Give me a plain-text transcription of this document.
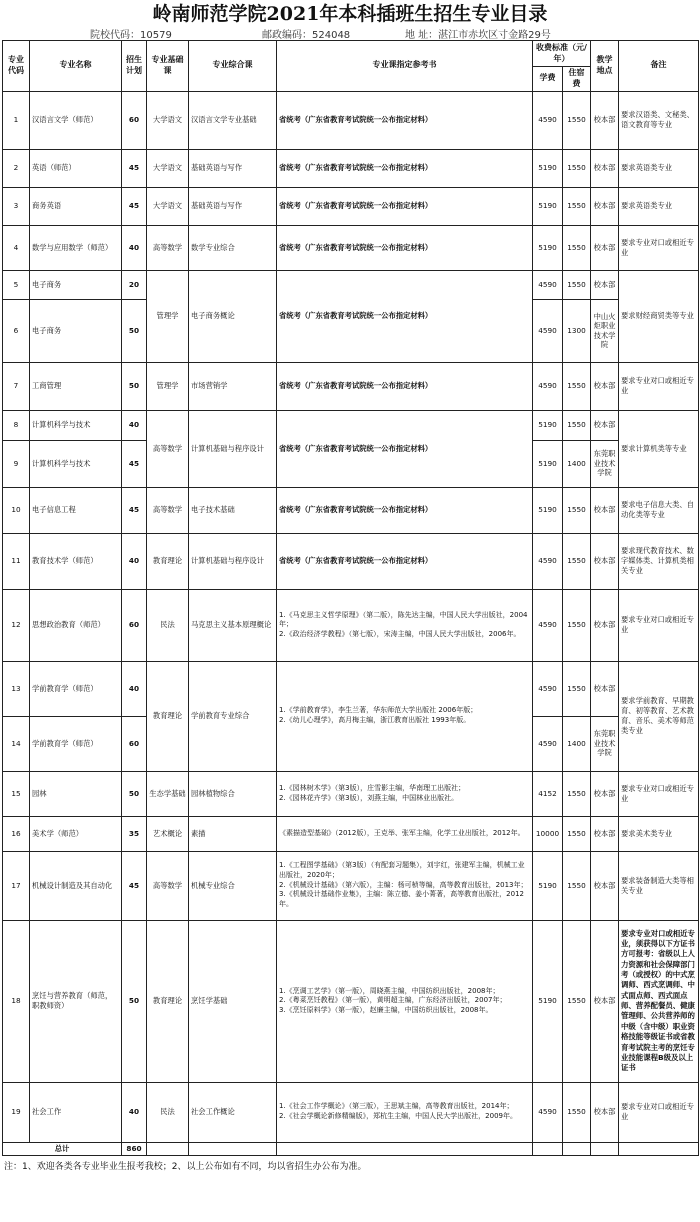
岭南师范学院2021年本科插班生招生专业目录
院校代码：10579	邮政编码：524048	地 址：湛江市赤坎区寸金路29号
专业代码	专业名称	招生计划	专业基础课	专业综合课	专业课指定参考书	收费标准（元/年）		教学地点	备注
						学费	住宿费		
1	汉语言文学（师范）	60	大学语文	汉语言文学专业基础	省统考（广东省教育考试院统一公布指定材料）	4590	1550	校本部	要求汉语类、文秘类、语文教育等专业
2	英语（师范）	45	大学语文	基础英语与写作	省统考（广东省教育考试院统一公布指定材料）	5190	1550	校本部	要求英语类专业
3	商务英语	45	大学语文	基础英语与写作	省统考（广东省教育考试院统一公布指定材料）	5190	1550	校本部	要求英语类专业
4	数学与应用数学（师范）	40	高等数学	数学专业综合	省统考（广东省教育考试院统一公布指定材料）	5190	1550	校本部	要求专业对口或相近专业
5	电子商务	20	管理学	电子商务概论	省统考（广东省教育考试院统一公布指定材料）	4590	1550	校本部	要求财经商贸类等专业
6	电子商务	50				4590	1300	中山火炬职业技术学院	
7	工商管理	50	管理学	市场营销学	省统考（广东省教育考试院统一公布指定材料）	4590	1550	校本部	要求专业对口或相近专业
8	计算机科学与技术	40	高等数学	计算机基础与程序设计	省统考（广东省教育考试院统一公布指定材料）	5190	1550	校本部	要求计算机类等专业
9	计算机科学与技术	45				5190	1400	东莞职业技术学院	
10	电子信息工程	45	高等数学	电子技术基础	省统考（广东省教育考试院统一公布指定材料）	5190	1550	校本部	要求电子信息大类、自动化类等专业
11	教育技术学（师范）	40	教育理论	计算机基础与程序设计	省统考（广东省教育考试院统一公布指定材料）	4590	1550	校本部	要求现代教育技术、数字媒体类、计算机类相关专业
12	思想政治教育（师范）	60	民法	马克思主义基本原理概论	1.《马克思主义哲学原理》（第二版），陈先达主编，中国人民大学出版社，2004年；
2.《政治经济学教程》（第七版），宋涛主编，中国人民大学出版社，2006年。	4590	1550	校本部	要求专业对口或相近专业
13	学前教育学（师范）	40	教育理论	学前教育专业综合	1.《学前教育学》，李生兰著，华东师范大学出版社 2006年版；
2.《幼儿心理学》，高月梅主编，浙江教育出版社 1993年版。	4590	1550	校本部	要求学前教育、早期教育、初等教育、艺术教育、音乐、美术等师范类专业
14	学前教育学（师范）	60				4590	1400	东莞职业技术学院	
15	园林	50	生态学基础	园林植物综合	1.《园林树木学》（第3版），庄雪影主编，华南理工出版社；
2.《园林花卉学》（第3版），刘燕主编，中国林业出版社。	4152	1550	校本部	要求专业对口或相近专业
16	美术学（师范）	35	艺术概论	素描	《素描造型基础》（2012版），王克举、张军主编，化学工业出版社，2012年。	10000	1550	校本部	要求美术类专业
17	机械设计制造及其自动化	45	高等数学	机械专业综合	1.《工程图学基础》（第3版）（有配套习题集），刘宇红，张建军主编，机械工业出版社，2020年；
2.《机械设计基础》（第六版），主编：杨可桢等编，高等教育出版社，2013年；
3.《机械设计基础作业集》，主编：陈立德、姜小菁著，高等教育出版社，2012年。	5190	1550	校本部	要求装备制造大类等相关专业
18	烹饪与营养教育（师范，职教师资）	50	教育理论	烹饪学基础	1.《烹调工艺学》（第一版），周晓燕主编，中国纺织出版社，2008年；
2.《粤菜烹饪教程》（第一版），黄明超主编，广东经济出版社，2007年；
3.《烹饪原料学》（第一版），赵廉主编，中国纺织出版社，2008年。	5190	1550	校本部	要求专业对口或相近专业，须获得以下方证书方可报考：省级以上人力资源和社会保障部门考（或授权）的中式烹调师、西式烹调师、中式面点师、西式面点师、营养配餐员、健康管理师、公共营养师的中级（含中级）职业资格技能等级证书或省教育考试院主考的烹饪专业技能课程B级及以上证书
19	社会工作	40	民法	社会工作概论	1.《社会工作学概论》（第三版），王思斌主编，高等教育出版社，2014年；
2.《社会学概论新修精编版》，郑杭生主编，中国人民大学出版社，2009年。	4590	1550	校本部	要求专业对口或相近专业
总计		860							
注：1、欢迎各类各专业毕业生报考我校；2、以上公布如有不同，均以省招生办公布为准。
